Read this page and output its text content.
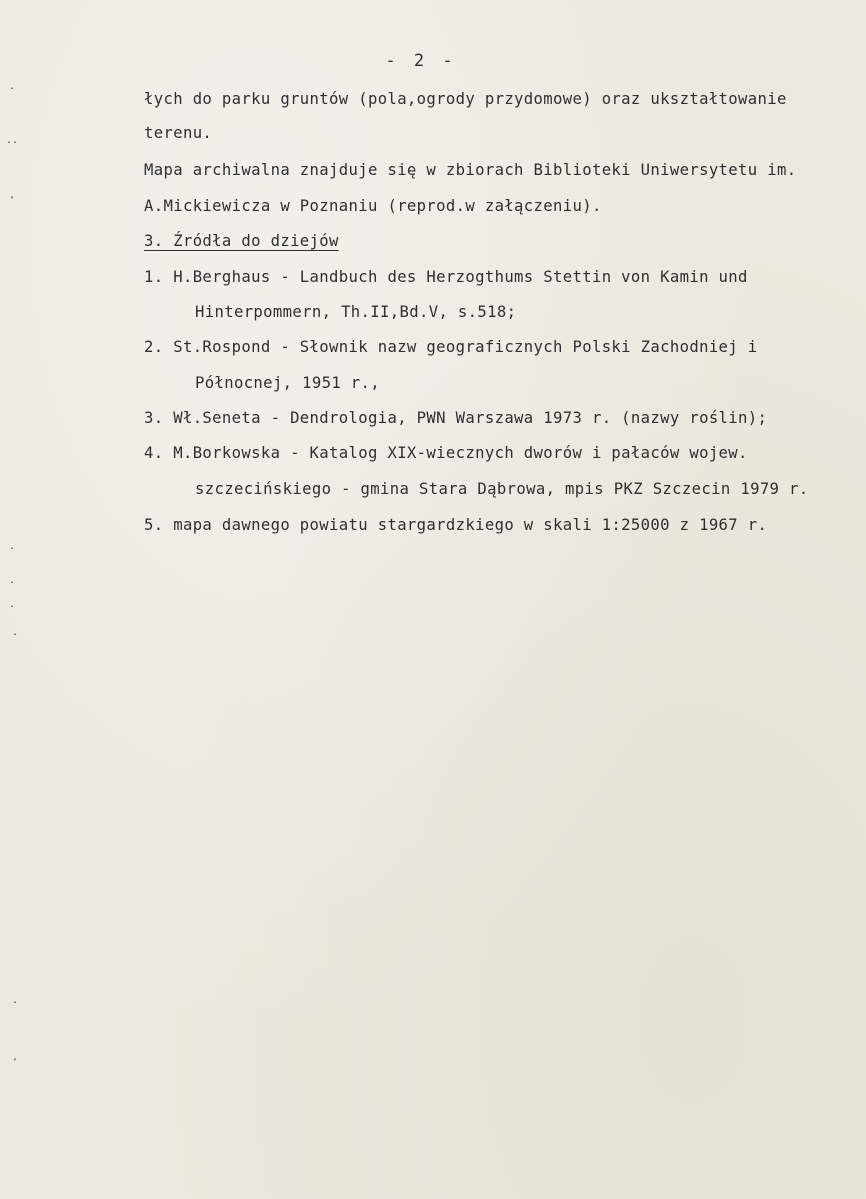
- 2 -
łych do parku gruntów (pola,ogrody przydomowe) oraz ukształtowanie
terenu.
Mapa archiwalna znajduje się w zbiorach Biblioteki Uniwersytetu im.
A.Mickiewicza w Poznaniu (reprod.w załączeniu).
3. Źródła do dziejów
1. H.Berghaus - Landbuch des Herzogthums Stettin von Kamin und
Hinterpommern, Th.II,Bd.V, s.518;
2. St.Rospond - Słownik nazw geograficznych Polski Zachodniej i
Północnej, 1951 r.,
3. Wł.Seneta - Dendrologia, PWN Warszawa 1973 r. (nazwy roślin);
4. M.Borkowska - Katalog XIX-wiecznych dworów i pałaców wojew.
szczecińskiego - gmina Stara Dąbrowa, mpis PKZ Szczecin 1979 r.
5. mapa dawnego powiatu stargardzkiego w skali 1:25000 z 1967 r.
.
..
'
.
.
.
.
.
'
